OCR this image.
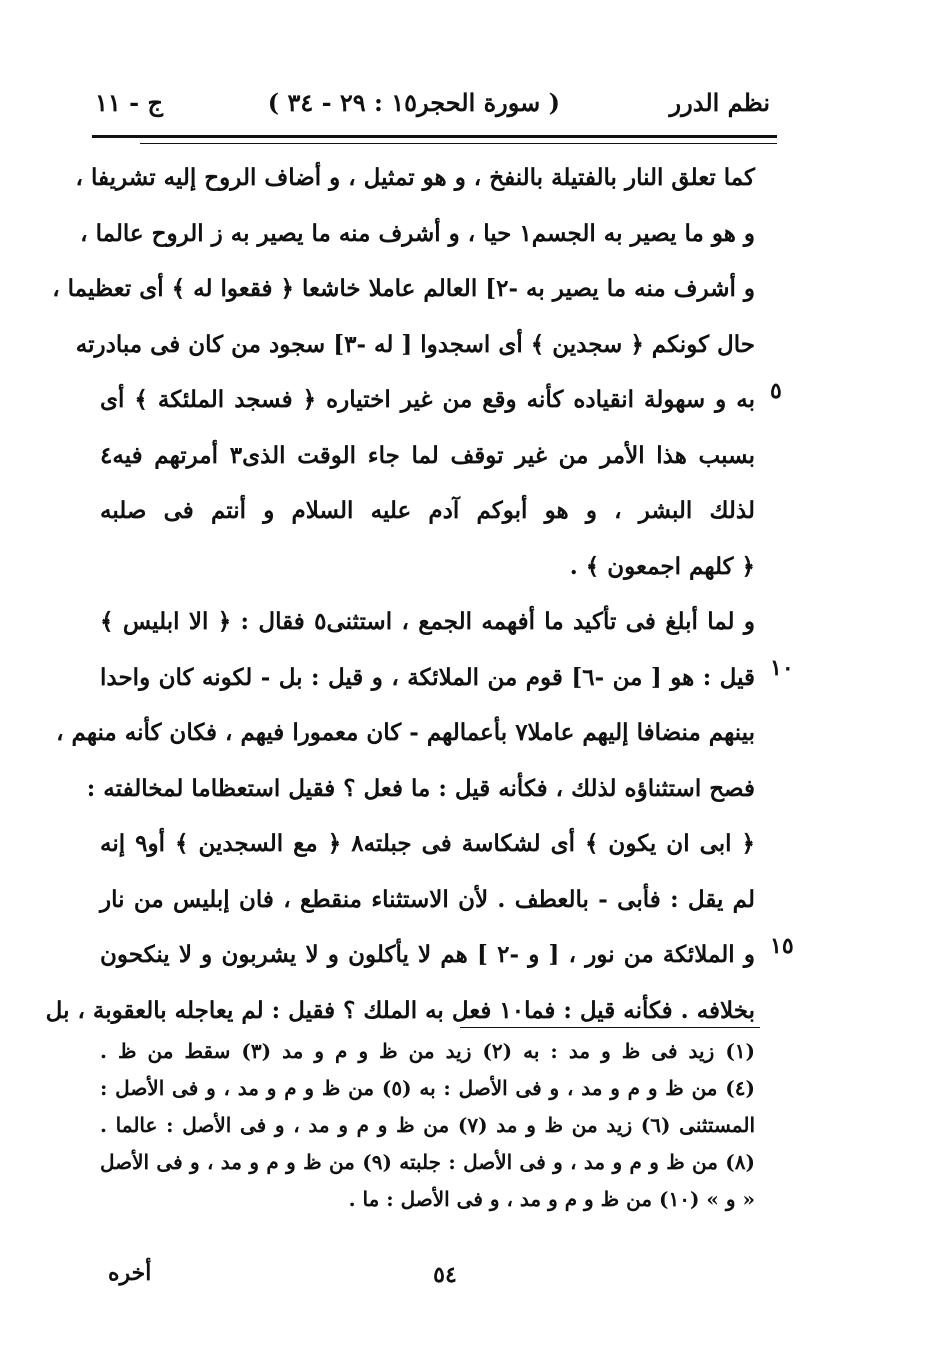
نظم الدرر
( سورة الحجر١٥ : ٢٩ - ٣٤ )
ج - ١١
٥
١٠
١٥
كما تعلق النار بالفتيلة بالنفخ ، و هو تمثيل ، و أضاف الروح إليه تشريفا ،
و هو ما يصير به الجسم١ حيا ، و أشرف منه ما يصير به ز الروح عالما ،
و أشرف منه ما يصير به -٢] العالم عاملا خاشعا ﴿ فقعوا له ﴾ أى تعظيما ،
حال كونكم ﴿ سجدين ﴾ أى اسجدوا [ له -٣] سجود من كان فى مبادرته
به و سهولة انقياده كأنه وقع من غير اختياره ﴿ فسجد الملئكة ﴾ أى
بسبب هذا الأمر من غير توقف لما جاء الوقت الذى٣ أمرتهم فيه٤
لذلك البشر ، و هو أبوكم آدم عليه السلام و أنتم فى صلبه
﴿ كلهم اجمعون ﴾ .
و لما أبلغ فى تأكيد ما أفهمه الجمع ، استثنى٥ فقال : ﴿ الا ابليس ﴾
قيل : هو [ من -٦] قوم من الملائكة ، و قيل : بل - لكونه كان واحدا
بينهم منضافا إليهم عاملا٧ بأعمالهم - كان معمورا فيهم ، فكان كأنه منهم ،
فصح استثناؤه لذلك ، فكأنه قيل : ما فعل ؟ فقيل استعظاما لمخالفته :
﴿ ابى ان يكون ﴾ أى لشكاسة فى جبلته٨ ﴿ مع السجدين ﴾ أو٩ إنه
لم يقل : فأبى - بالعطف . لأن الاستثناء منقطع ، فان إبليس من نار
و الملائكة من نور ، [ و -٢ ] هم لا يأكلون و لا يشربون و لا ينكحون
بخلافه . فكأنه قيل : فما١٠ فعل به الملك ؟ فقيل : لم يعاجله بالعقوبة ، بل
(١) زيد فى ظ و مد : به (٢) زيد من ظ و م و مد (٣) سقط من ظ .
(٤) من ظ و م و مد ، و فى الأصل : به (٥) من ظ و م و مد ، و فى الأصل :
المستثنى (٦) زيد من ظ و مد (٧) من ظ و م و مد ، و فى الأصل : عالما .
(٨) من ظ و م و مد ، و فى الأصل : جلبته (٩) من ظ و م و مد ، و فى الأصل
« و » (١٠) من ظ و م و مد ، و فى الأصل : ما .
٥٤
أخره
